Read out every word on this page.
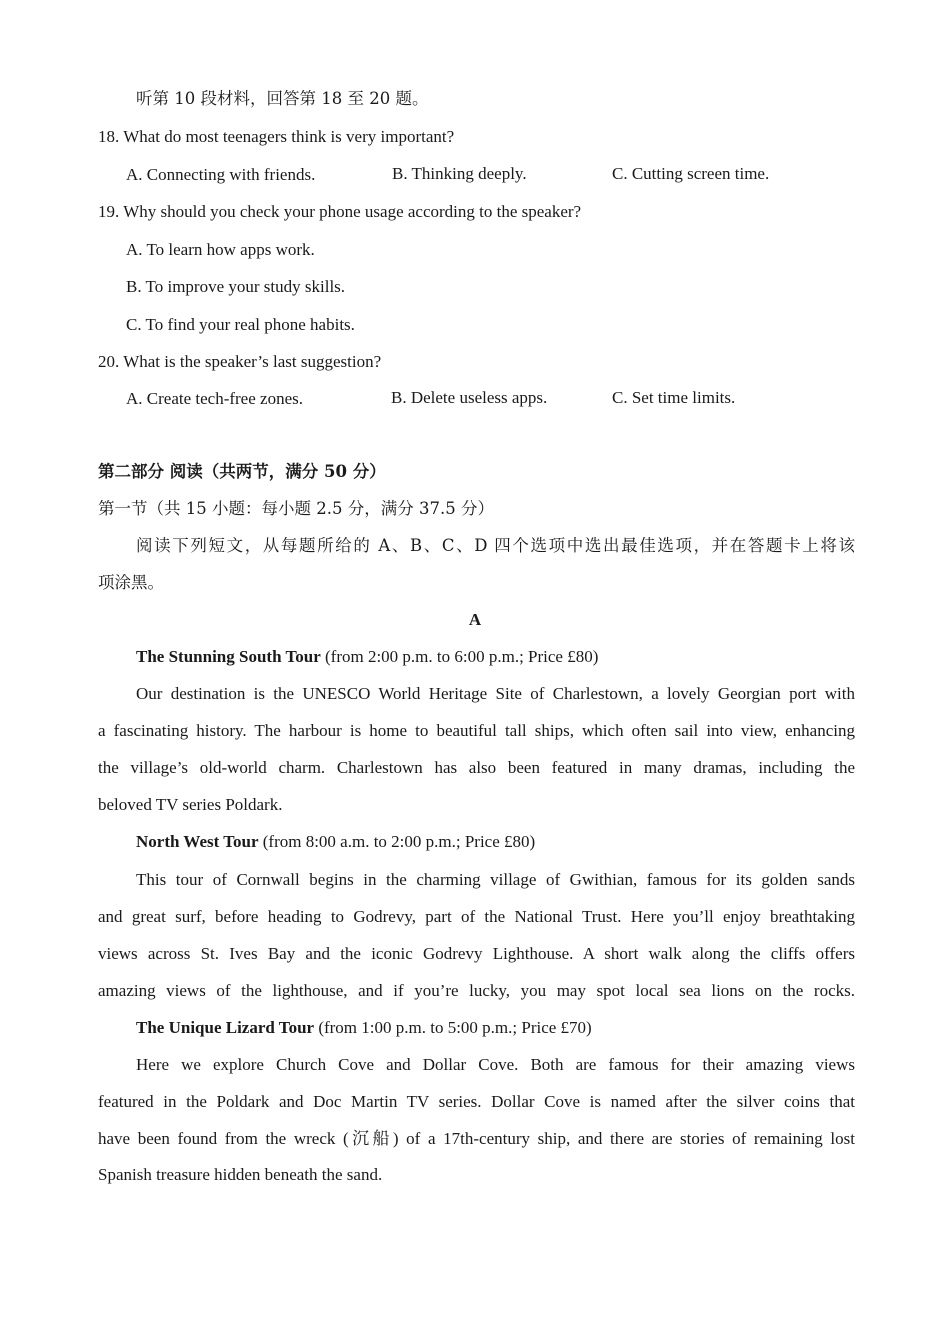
听第 10 段材料，回答第 18 至 20 题。
18. What do most teenagers think is very important?
A. Connecting with friends.	B. Thinking deeply.	C. Cutting screen time.
19. Why should you check your phone usage according to the speaker?
A. To learn how apps work.
B. To improve your study skills.
C. To find your real phone habits.
20. What is the speaker’s last suggestion?
A. Create tech-free zones.	B. Delete useless apps.	C. Set time limits.
第二部分 阅读（共两节，满分 50 分）
第一节（共 15 小题：每小题 2.5 分，满分 37.5 分）
阅读下列短文，从每题所给的 A、B、C、D 四个选项中选出最佳选项，并在答题卡上将该
项涂黑。
A
The Stunning South Tour (from 2:00 p.m. to 6:00 p.m.; Price £80)
Our destination is the UNESCO World Heritage Site of Charlestown, a lovely Georgian port with
a fascinating history. The harbour is home to beautiful tall ships, which often sail into view, enhancing
the village’s old-world charm. Charlestown has also been featured in many dramas, including the
beloved TV series Poldark.
North West Tour (from 8:00 a.m. to 2:00 p.m.; Price £80)
This tour of Cornwall begins in the charming village of Gwithian, famous for its golden sands
and great surf, before heading to Godrevy, part of the National Trust. Here you’ll enjoy breathtaking
views across St. Ives Bay and the iconic Godrevy Lighthouse. A short walk along the cliffs offers
amazing views of the lighthouse, and if you’re lucky, you may spot local sea lions on the rocks.
The Unique Lizard Tour (from 1:00 p.m. to 5:00 p.m.; Price £70)
Here we explore Church Cove and Dollar Cove. Both are famous for their amazing views
featured in the Poldark and Doc Martin TV series. Dollar Cove is named after the silver coins that
have been found from the wreck (沉船) of a 17th-century ship, and there are stories of remaining lost
Spanish treasure hidden beneath the sand.
